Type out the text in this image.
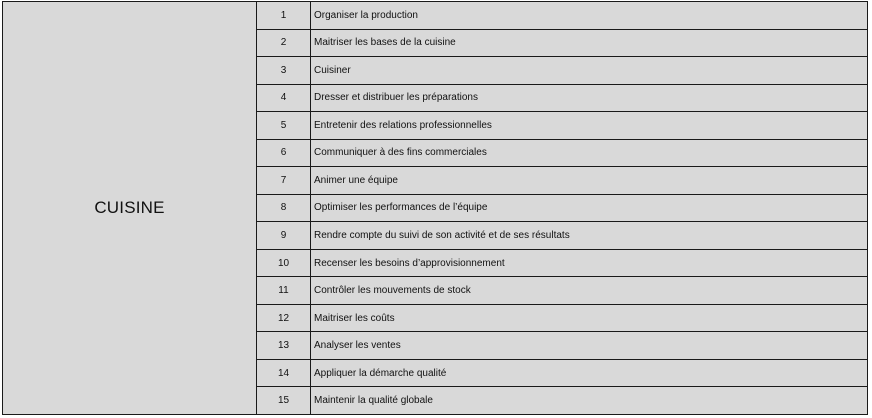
CUISINE
1	Organiser la production
2	Maitriser les bases de la cuisine
3	Cuisiner
4	Dresser et distribuer les préparations
5	Entretenir des relations professionnelles
6	Communiquer à des fins commerciales
7	Animer une équipe
8	Optimiser les performances de l’équipe
9	Rendre compte du suivi de son activité et de ses résultats
10	Recenser les besoins d’approvisionnement
11	Contrôler les mouvements de stock
12	Maitriser les coûts
13	Analyser les ventes
14	Appliquer la démarche qualité
15	Maintenir la qualité globale
